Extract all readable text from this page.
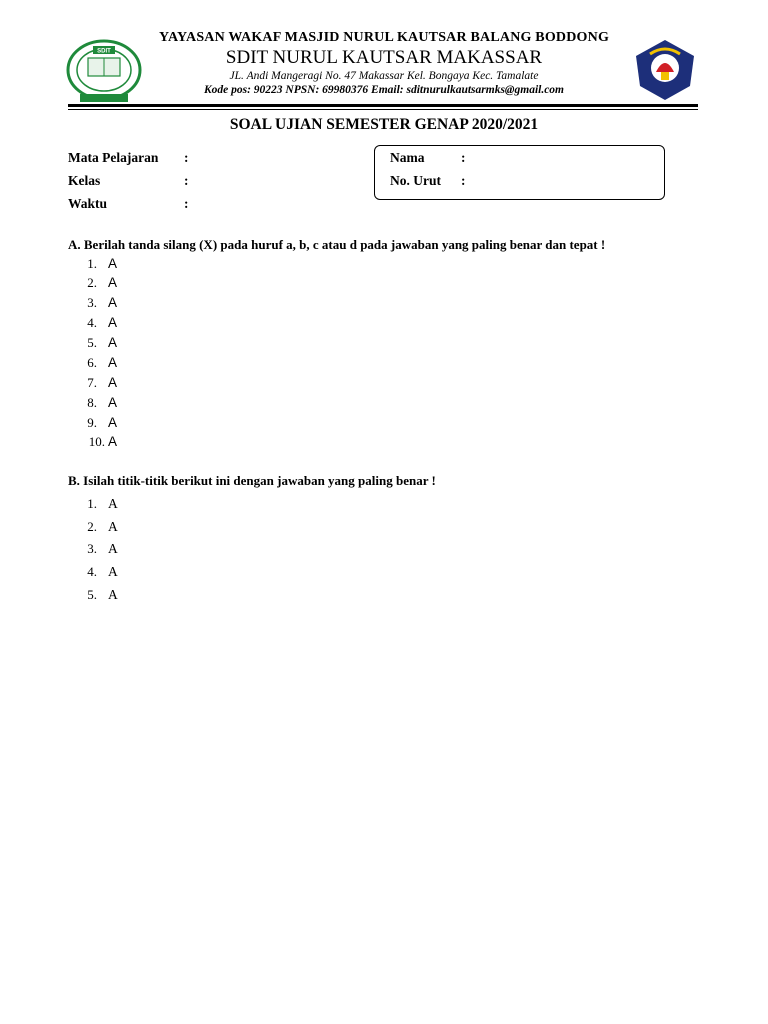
SDIT
YAYASAN WAKAF MASJID NURUL KAUTSAR BALANG BODDONG
SDIT NURUL KAUTSAR MAKASSAR
JL. Andi Mangeragi No. 47 Makassar Kel. Bongaya Kec. Tamalate
Kode pos: 90223 NPSN: 69980376 Email: sditnurulkautsarmks@gmail.com
SOAL UJIAN SEMESTER GENAP 2020/2021
Mata Pelajaran :
Kelas	:
Waktu	:
Nama	:
No. Urut :
A. Berilah tanda silang (X) pada huruf a, b, c atau d pada jawaban yang paling benar dan tepat !
1. A
2. A
3. A
4. A
5. A
6. A
7. A
8. A
9. A
10. A
B. Isilah titik-titik berikut ini dengan jawaban yang paling benar !
1. A
2. A
3. A
4. A
5. A
